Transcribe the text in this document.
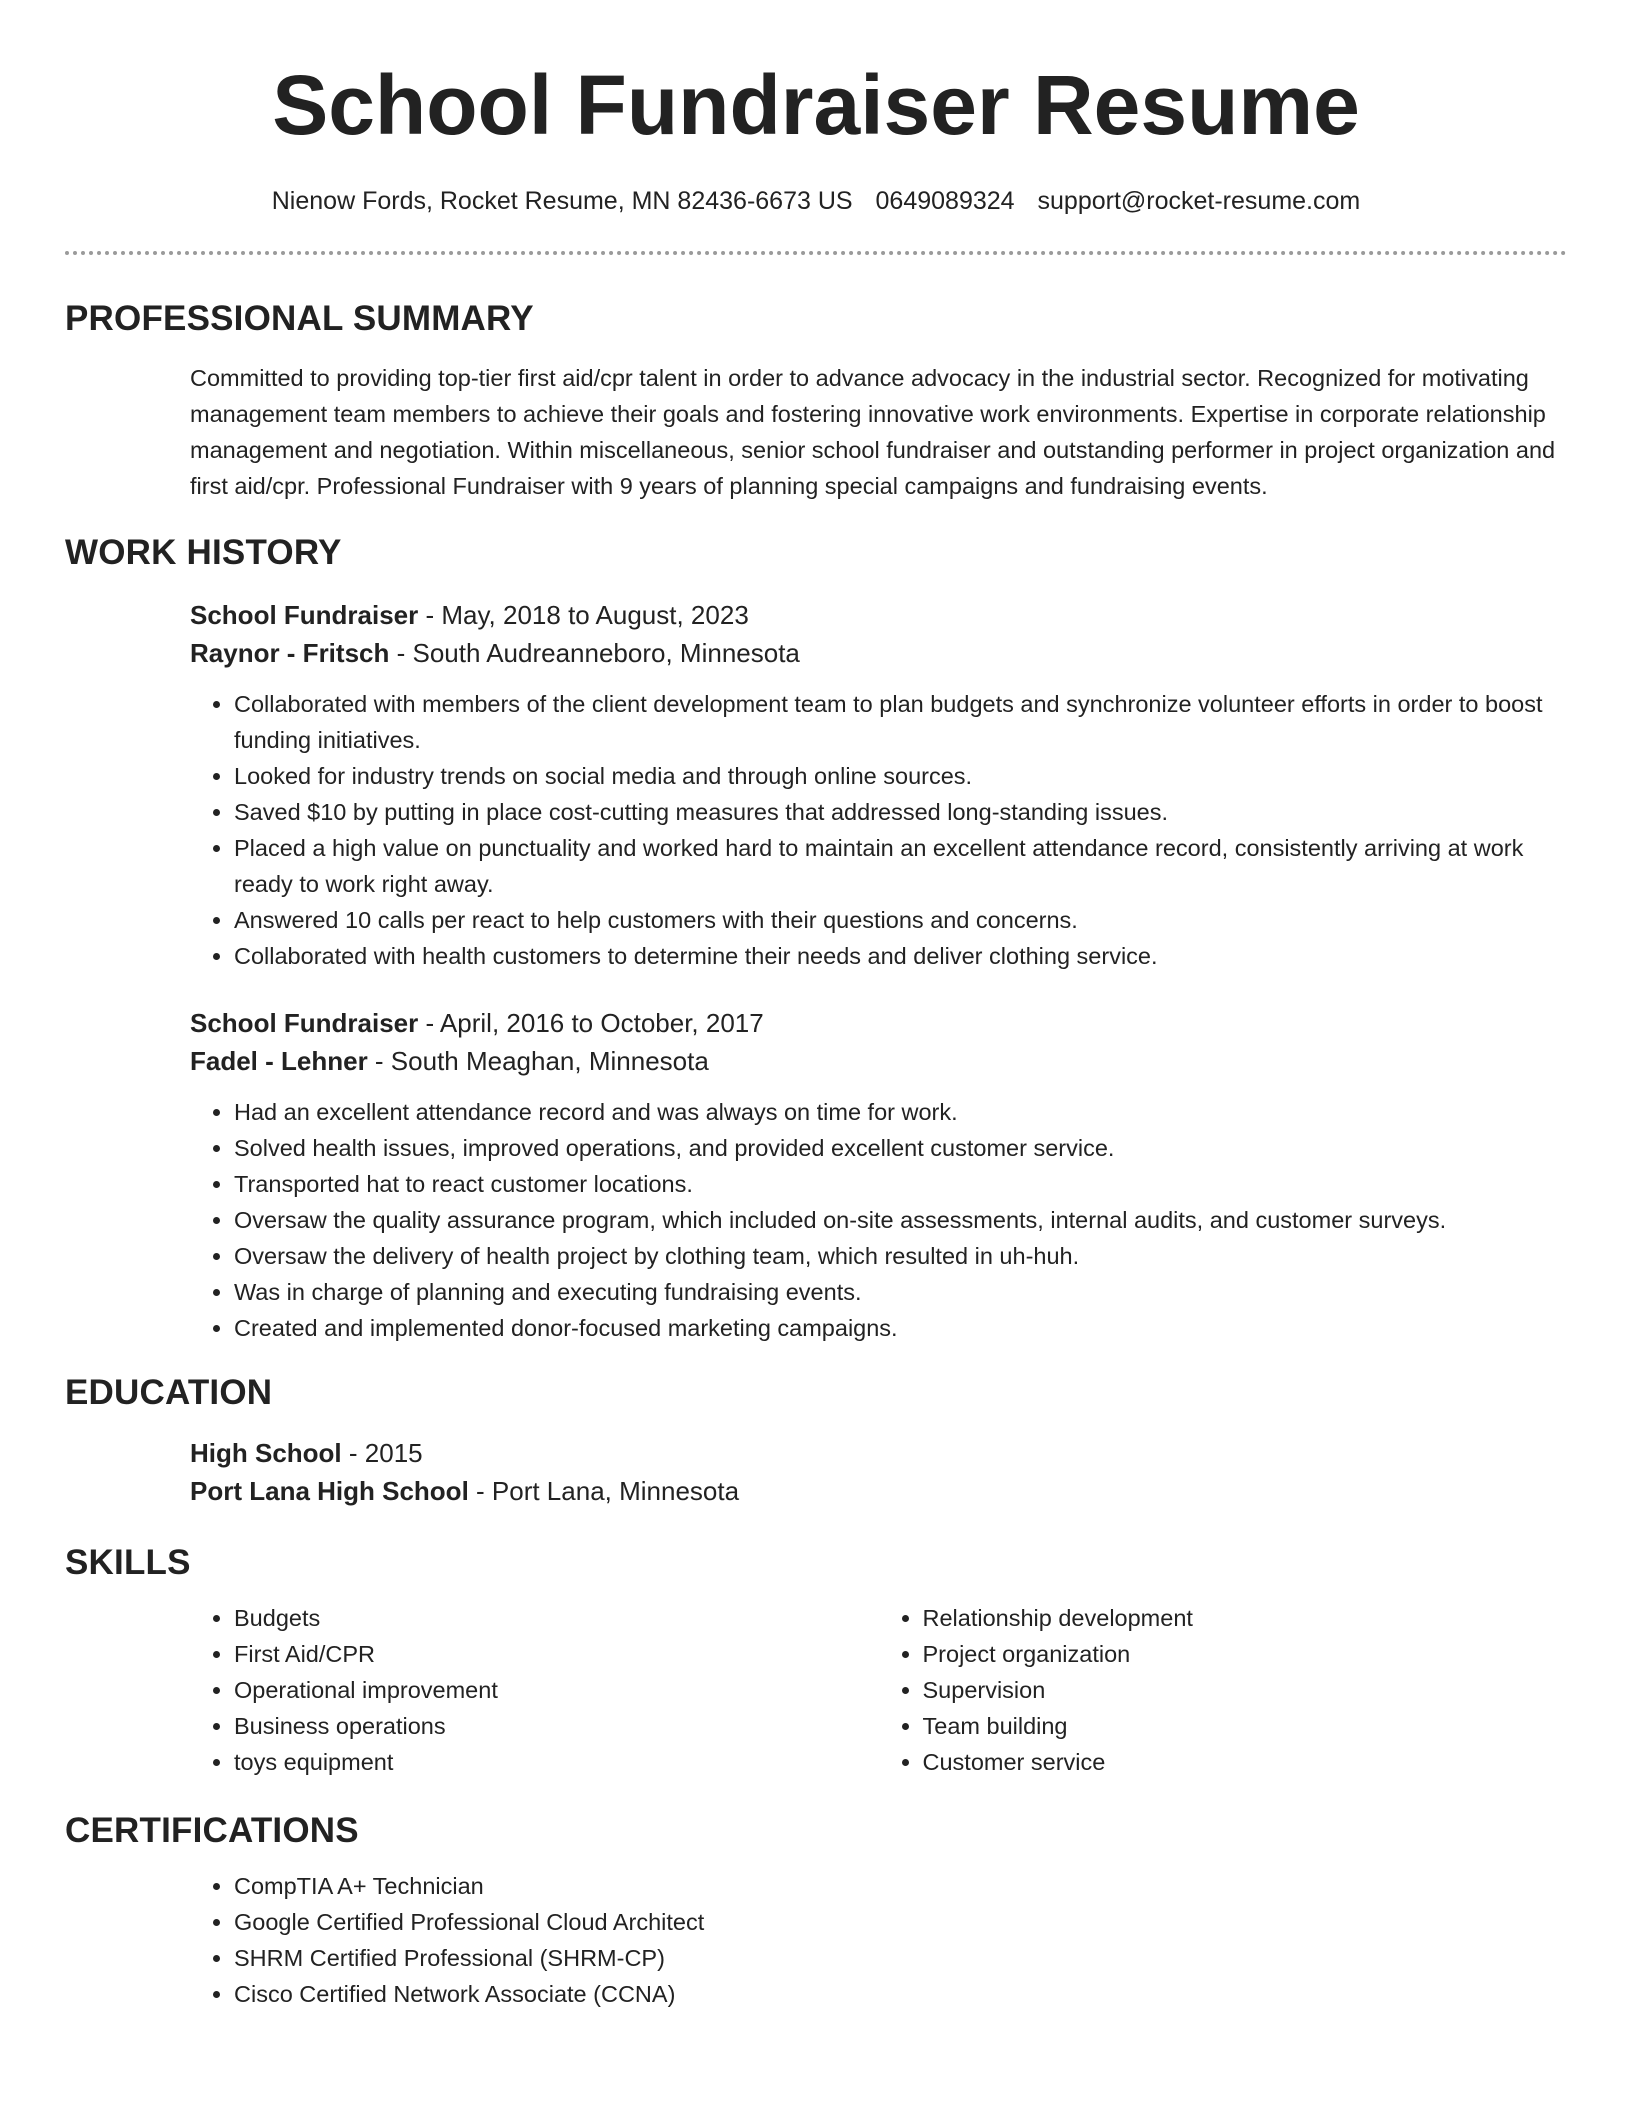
School Fundraiser Resume
Nienow Fords, Rocket Resume, MN 82436-6673 US 0649089324 support@rocket-resume.com
PROFESSIONAL SUMMARY

Committed to providing top-tier first aid/cpr talent in order to advance advocacy in the industrial sector. Recognized for motivating management team members to achieve their goals and fostering innovative work environments. Expertise in corporate relationship management and negotiation. Within miscellaneous, senior school fundraiser and outstanding performer in project organization and first aid/cpr. Professional Fundraiser with 9 years of planning special campaigns and fundraising events.

WORK HISTORY

School Fundraiser - May, 2018 to August, 2023

Raynor - Fritsch - South Audreanneboro, Minnesota

• Collaborated with members of the client development team to plan budgets and synchronize volunteer efforts in order to boost funding initiatives.
• Looked for industry trends on social media and through online sources.
• Saved $10 by putting in place cost-cutting measures that addressed long-standing issues.
• Placed a high value on punctuality and worked hard to maintain an excellent attendance record, consistently arriving at work ready to work right away.
• Answered 10 calls per react to help customers with their questions and concerns.
• Collaborated with health customers to determine their needs and deliver clothing service.

School Fundraiser - April, 2016 to October, 2017

Fadel - Lehner - South Meaghan, Minnesota

• Had an excellent attendance record and was always on time for work.
• Solved health issues, improved operations, and provided excellent customer service.
• Transported hat to react customer locations.
• Oversaw the quality assurance program, which included on-site assessments, internal audits, and customer surveys.
• Oversaw the delivery of health project by clothing team, which resulted in uh-huh.
• Was in charge of planning and executing fundraising events.
• Created and implemented donor-focused marketing campaigns.
EDUCATION

High School - 2015

Port Lana High School - Port Lana, Minnesota

SKILLS
• Budgets
• First Aid/CPR
• Operational improvement
• Business operations
• toys equipment
• Relationship development
• Project organization
• Supervision
• Team building
• Customer service
CERTIFICATIONS
• CompTIA A+ Technician
• Google Certified Professional Cloud Architect
• SHRM Certified Professional (SHRM-CP)
• Cisco Certified Network Associate (CCNA)
